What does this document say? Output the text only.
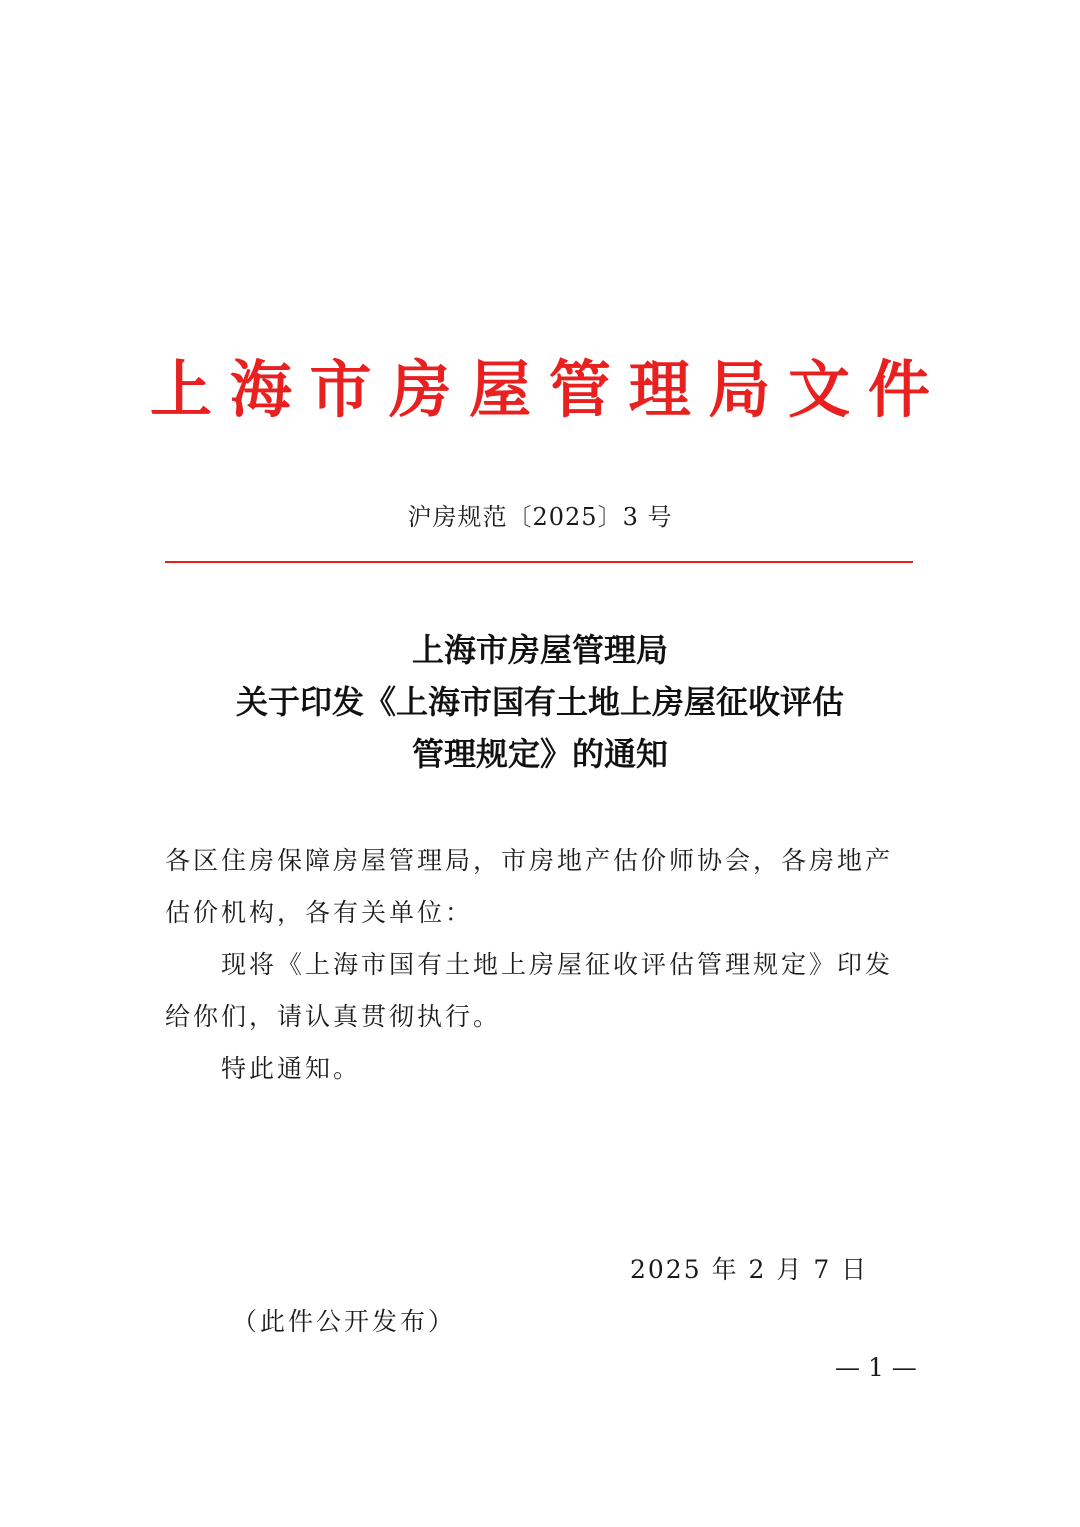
上 海 市 房 屋 管 理 局 文 件
沪房规范〔2025〕3 号
上海市房屋管理局
关于印发《上海市国有土地上房屋征收评估
管理规定》的通知

各区住房保障房屋管理局，市房地产估价师协会，各房地产估价机构，各有关单位：

现将《上海市国有土地上房屋征收评估管理规定》印发给你们，请认真贯彻执行。

特此通知。

2025 年 2 月 7 日
（此件公开发布）
— 1 —
